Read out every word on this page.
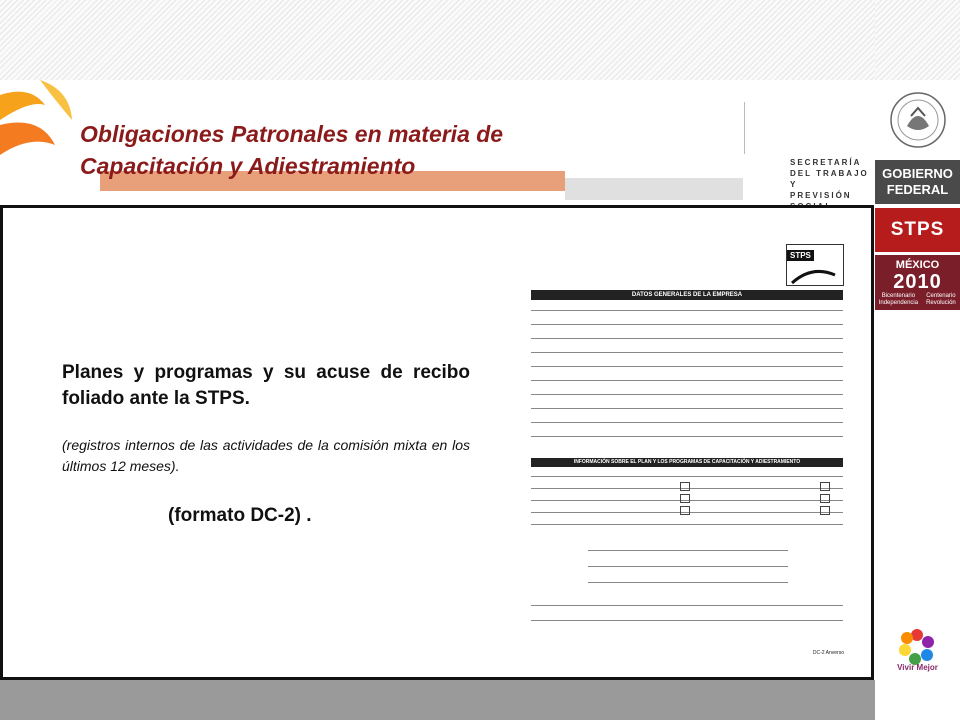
Obligaciones Patronales en materia de
Capacitación y Adiestramiento	SECRETARÍA
DEL TRABAJO Y
PREVISIÓN
GOBIERNO
FEDERAL
STPS
MÉXICO
2010
Bicentenario Independencia
Centenario Revolución
Vivir Mejor
Planes y programas y su acuse de recibo foliado ante la STPS.
(registros internos de las actividades de la comisión mixta en los últimos 12 meses).
(formato DC-2) .
STPS
DATOS GENERALES DE LA EMPRESA
INFORMACIÓN SOBRE EL PLAN Y LOS PROGRAMAS DE CAPACITACIÓN Y ADIESTRAMIENTO
DC-2 Anverso
